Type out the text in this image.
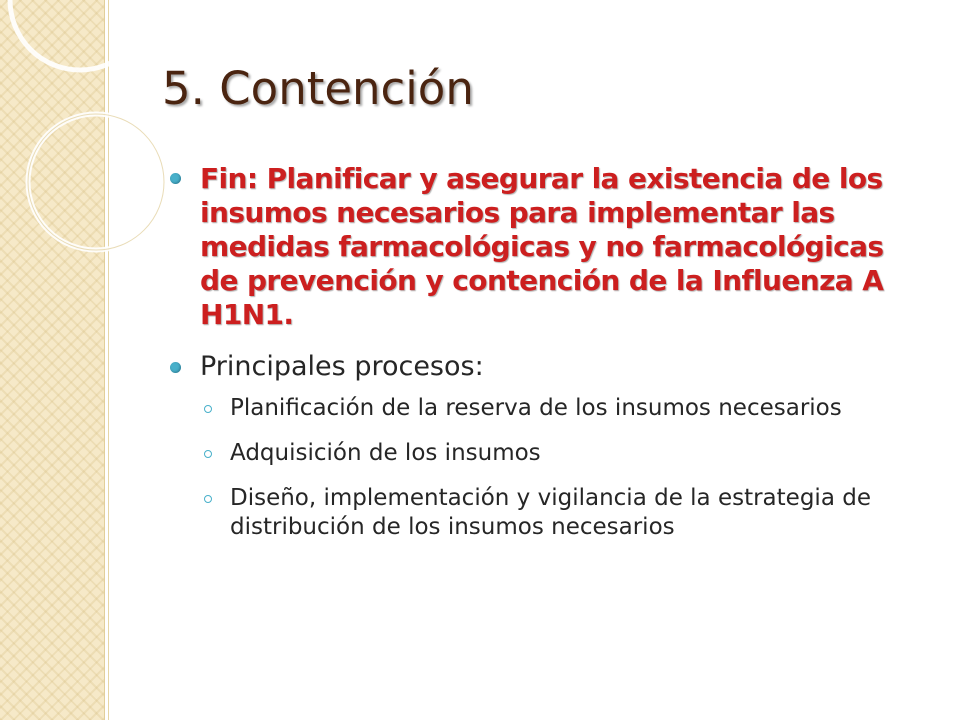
5. Contención
Fin: Planificar y asegurar la existencia de los insumos necesarios para implementar las medidas farmacológicas y no farmacológicas de prevención y contención de la Influenza A H1N1.
Principales procesos:
Planificación de la reserva de los insumos necesarios
Adquisición de los insumos
Diseño, implementación y vigilancia de la estrategia de distribución de los insumos necesarios
